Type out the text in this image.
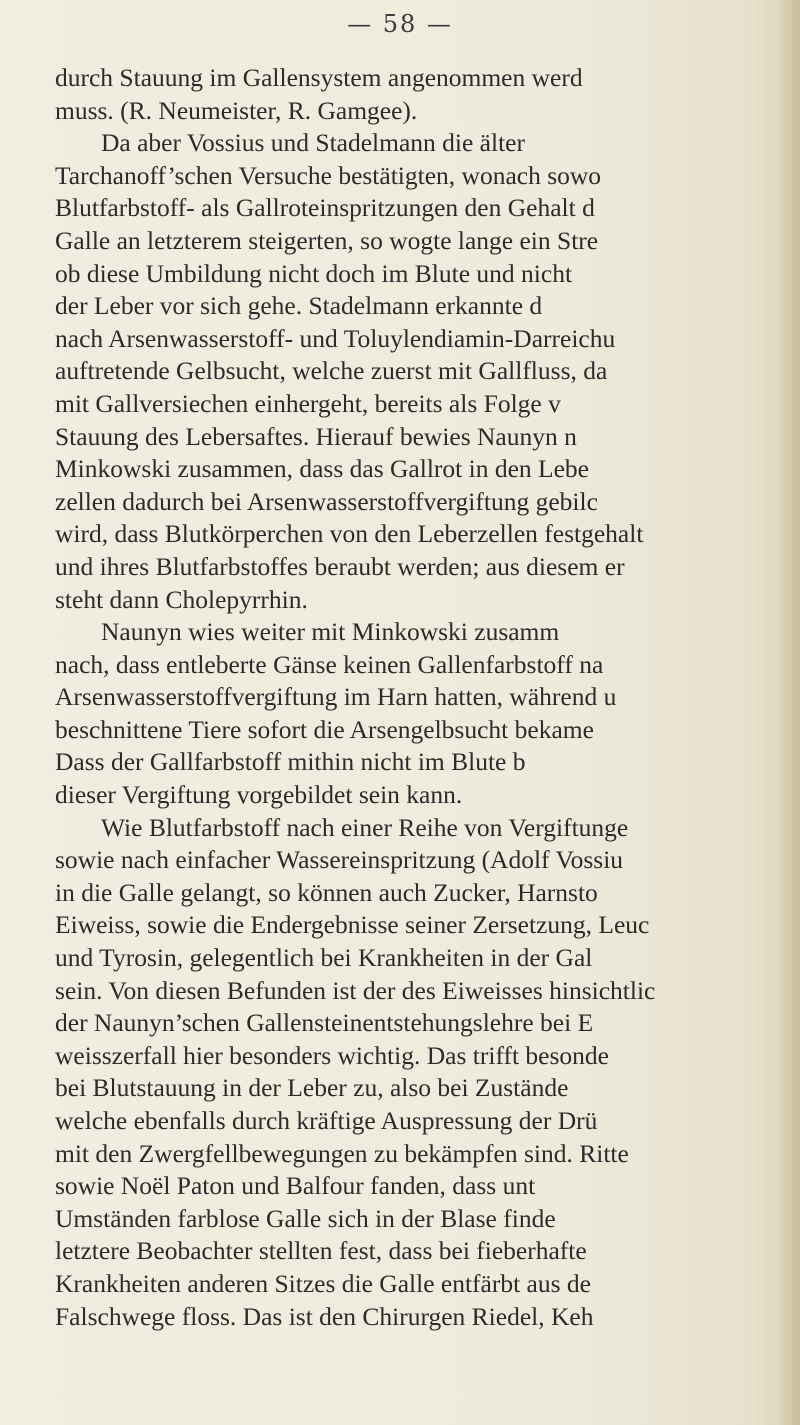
— 58 —
durch Stauung im Gallensystem angenommen werd
muss. (R. Neumeister, R. Gamgee).
Da aber Vossius und Stadelmann die älter
Tarchanoff’schen Versuche bestätigten, wonach sowo
Blutfarbstoff- als Gallroteinspritzungen den Gehalt d
Galle an letzterem steigerten, so wogte lange ein Stre
ob diese Umbildung nicht doch im Blute und nicht
der Leber vor sich gehe. Stadelmann erkannte d
nach Arsenwasserstoff- und Toluylendiamin-Darreichu
auftretende Gelbsucht, welche zuerst mit Gallfluss, da
mit Gallversiechen einhergeht, bereits als Folge v
Stauung des Lebersaftes. Hierauf bewies Naunyn n
Minkowski zusammen, dass das Gallrot in den Lebe
zellen dadurch bei Arsenwasserstoffvergiftung gebilc
wird, dass Blutkörperchen von den Leberzellen festgehalt
und ihres Blutfarbstoffes beraubt werden; aus diesem er
steht dann Cholepyrrhin.
Naunyn wies weiter mit Minkowski zusamm
nach, dass entleberte Gänse keinen Gallenfarbstoff na
Arsenwasserstoffvergiftung im Harn hatten, während u
beschnittene Tiere sofort die Arsengelbsucht bekame
Dass der Gallfarbstoff mithin nicht im Blute b
dieser Vergiftung vorgebildet sein kann.
Wie Blutfarbstoff nach einer Reihe von Vergiftunge
sowie nach einfacher Wassereinspritzung (Adolf Vossiu
in die Galle gelangt, so können auch Zucker, Harnsto
Eiweiss, sowie die Endergebnisse seiner Zersetzung, Leuc
und Tyrosin, gelegentlich bei Krankheiten in der Gal
sein. Von diesen Befunden ist der des Eiweisses hinsichtlic
der Naunyn’schen Gallensteinentstehungslehre bei E
weisszerfall hier besonders wichtig. Das trifft besonde
bei Blutstauung in der Leber zu, also bei Zustände
welche ebenfalls durch kräftige Auspressung der Drü
mit den Zwergfellbewegungen zu bekämpfen sind. Ritte
sowie Noël Paton und Balfour fanden, dass unt
Umständen farblose Galle sich in der Blase finde
letztere Beobachter stellten fest, dass bei fieberhafte
Krankheiten anderen Sitzes die Galle entfärbt aus de
Falschwege floss. Das ist den Chirurgen Riedel, Keh
